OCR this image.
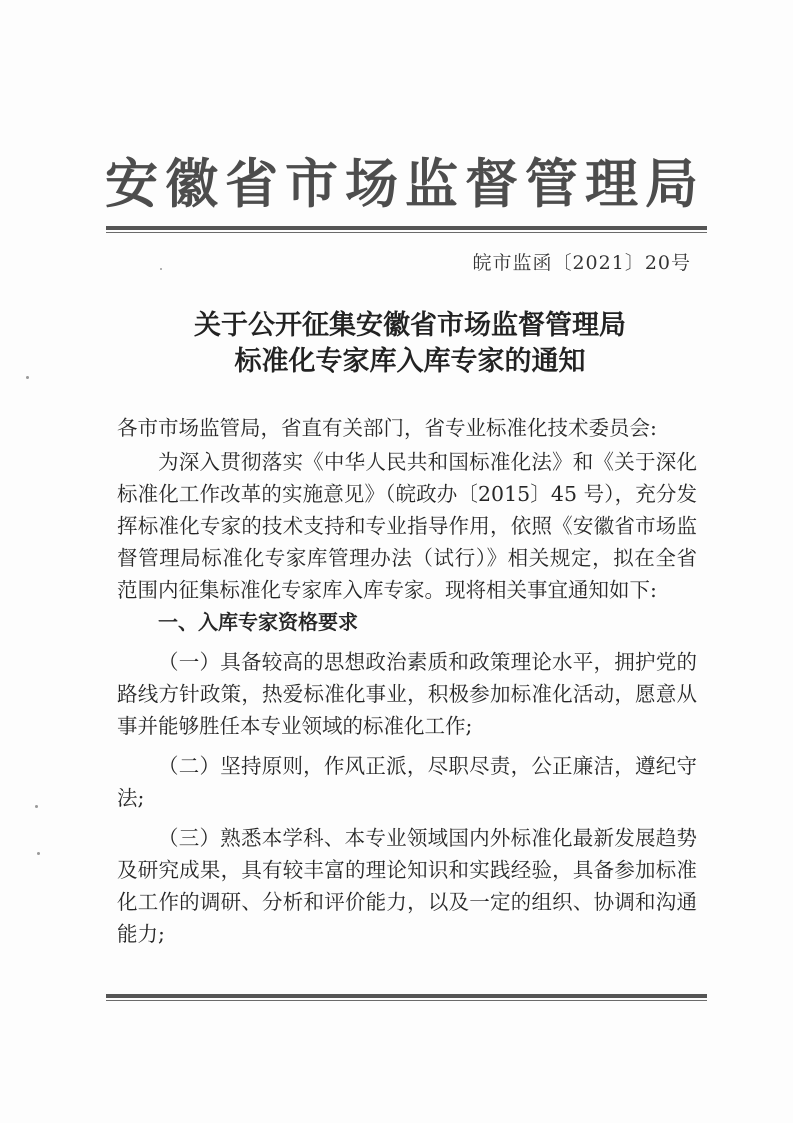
安徽省市场监督管理局
皖市监函〔2021〕20号
关于公开征集安徽省市场监督管理局
标准化专家库入库专家的通知

各市市场监管局，省直有关部门，省专业标准化技术委员会:

为深入贯彻落实《中华人民共和国标准化法》和《关于深化标准化工作改革的实施意见》（皖政办〔2015〕45 号），充分发挥标准化专家的技术支持和专业指导作用，依照《安徽省市场监督管理局标准化专家库管理办法（试行）》相关规定，拟在全省范围内征集标准化专家库入库专家。现将相关事宜通知如下:

一、入库专家资格要求

（一）具备较高的思想政治素质和政策理论水平，拥护党的路线方针政策，热爱标准化事业，积极参加标准化活动，愿意从事并能够胜任本专业领域的标准化工作;

（二）坚持原则，作风正派，尽职尽责，公正廉洁，遵纪守法;

（三）熟悉本学科、本专业领域国内外标准化最新发展趋势及研究成果，具有较丰富的理论知识和实践经验，具备参加标准化工作的调研、分析和评价能力，以及一定的组织、协调和沟通能力;
